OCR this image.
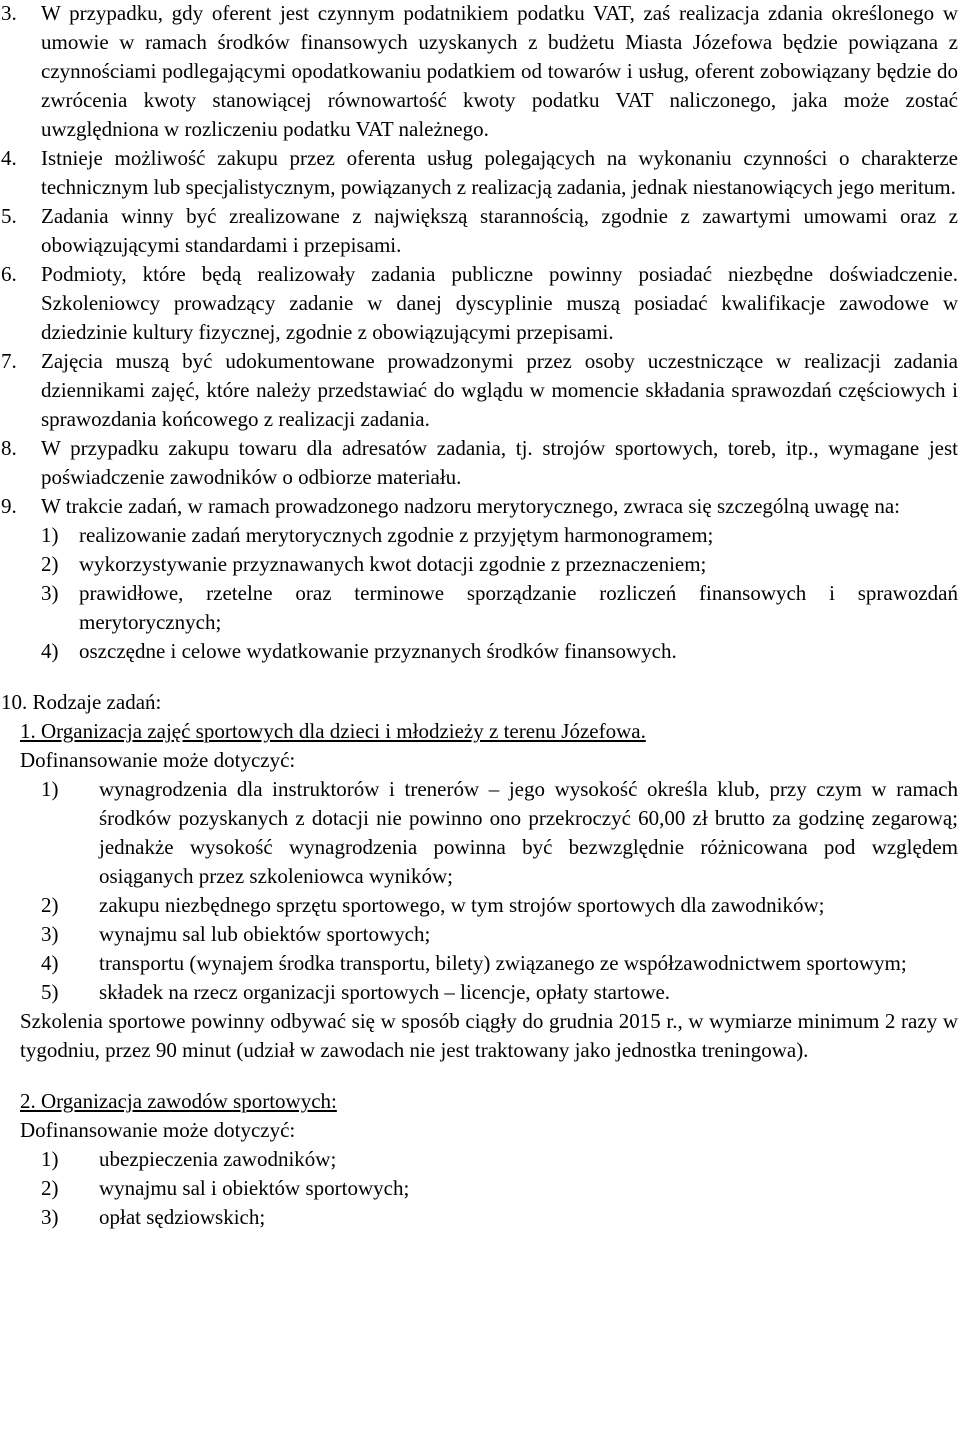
3.	W przypadku, gdy oferent jest czynnym podatnikiem podatku VAT, zaś realizacja zdania określonego w umowie w ramach środków finansowych uzyskanych z budżetu Miasta Józefowa będzie powiązana z czynnościami podlegającymi opodatkowaniu podatkiem od towarów i usług, oferent zobowiązany będzie do zwrócenia kwoty stanowiącej równowartość kwoty podatku VAT naliczonego, jaka może zostać uwzględniona w rozliczeniu podatku VAT należnego.
4.	Istnieje możliwość zakupu przez oferenta usług polegających na wykonaniu czynności o charakterze technicznym lub specjalistycznym, powiązanych z realizacją zadania, jednak niestanowiących jego meritum.
5.	Zadania winny być zrealizowane z największą starannością, zgodnie z zawartymi umowami oraz z obowiązującymi standardami i przepisami.
6.	Podmioty, które będą realizowały zadania publiczne powinny posiadać niezbędne doświadczenie. Szkoleniowcy prowadzący zadanie w danej dyscyplinie muszą posiadać kwalifikacje zawodowe w dziedzinie kultury fizycznej, zgodnie z obowiązującymi przepisami.
7.	Zajęcia muszą być udokumentowane prowadzonymi przez osoby uczestniczące w realizacji zadania dziennikami zajęć, które należy przedstawiać do wglądu w momencie składania sprawozdań częściowych i sprawozdania końcowego z realizacji zadania.
8.	W przypadku zakupu towaru dla adresatów zadania, tj. strojów sportowych, toreb, itp., wymagane jest poświadczenie zawodników o odbiorze materiału.
9.	W trakcie zadań, w ramach prowadzonego nadzoru merytorycznego, zwraca się szczególną uwagę na:
1) realizowanie zadań merytorycznych zgodnie z przyjętym harmonogramem;
2) wykorzystywanie przyznawanych kwot dotacji zgodnie z przeznaczeniem;
3) prawidłowe, rzetelne oraz terminowe sporządzanie rozliczeń finansowych i sprawozdań merytorycznych;
4) oszczędne i celowe wydatkowanie przyznanych środków finansowych.
10.
Rodzaje zadań:
1. Organizacja zajęć sportowych dla dzieci i młodzieży z terenu Józefowa.
Dofinansowanie może dotyczyć:
1)	wynagrodzenia dla instruktorów i trenerów – jego wysokość określa klub, przy czym w ramach środków pozyskanych z dotacji nie powinno ono przekroczyć 60,00 zł brutto za godzinę zegarową; jednakże wysokość wynagrodzenia powinna być bezwzględnie różnicowana pod względem osiąganych przez szkoleniowca wyników;
2)	zakupu niezbędnego sprzętu sportowego, w tym strojów sportowych dla zawodników;
3)	wynajmu sal lub obiektów sportowych;
4)	transportu (wynajem środka transportu, bilety) związanego ze współzawodnictwem sportowym;
5)	składek na rzecz organizacji sportowych – licencje, opłaty startowe.
Szkolenia sportowe powinny odbywać się w sposób ciągły do grudnia 2015 r., w wymiarze minimum 2 razy w tygodniu, przez 90 minut (udział w zawodach nie jest traktowany jako jednostka treningowa).
2. Organizacja zawodów sportowych:
Dofinansowanie może dotyczyć:
1)	ubezpieczenia zawodników;
2)	wynajmu sal i obiektów sportowych;
3)	opłat sędziowskich;
